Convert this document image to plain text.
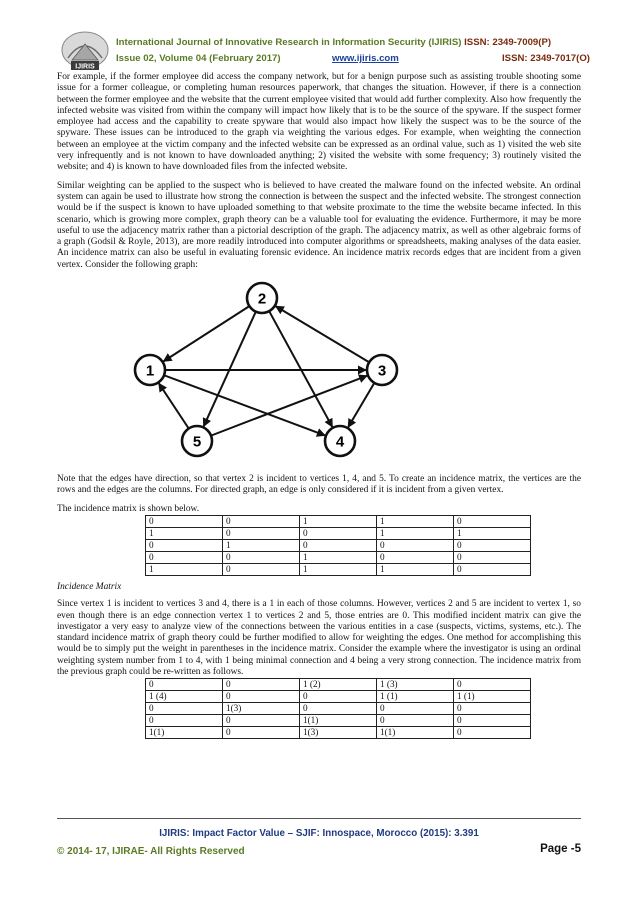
IJIRIS
International Journal of Innovative Research in Information Security (IJIRIS) ISSN: 2349-7009(P)
Issue 02, Volume 04 (February 2017)	www.ijiris.com	ISSN: 2349-7017(O)

For example, if the former employee did access the company network, but for a benign purpose such as assisting trouble shooting some issue for a former colleague, or completing human resources paperwork, that changes the situation. However, if there is a connection between the former employee and the website that the current employee visited that would add further complexity. Also how frequently the infected website was visited from within the company will impact how likely that is to be the source of the spyware. If the suspect former employee had access and the capability to create spyware that would also impact how likely the suspect was to be the source of the spyware. These issues can be introduced to the graph via weighting the various edges. For example, when weighting the connection between an employee at the victim company and the infected website can be expressed as an ordinal value, such as 1) visited the web site very infrequently and is not known to have downloaded anything; 2) visited the website with some frequency; 3) routinely visited the website; and 4) is known to have downloaded files from the infected website.

Similar weighting can be applied to the suspect who is believed to have created the malware found on the infected website. An ordinal system can again be used to illustrate how strong the connection is between the suspect and the infected website. The strongest connection would be if the suspect is known to have uploaded something to that website proximate to the time the website became infected. In this scenario, which is growing more complex, graph theory can be a valuable tool for evaluating the evidence. Furthermore, it may be more useful to use the adjacency matrix rather than a pictorial description of the graph. The adjacency matrix, as well as other algebraic forms of a graph (Godsil & Royle, 2013), are more readily introduced into computer algorithms or spreadsheets, making analyses of the data easier. An incidence matrix can also be useful in evaluating forensic evidence. An incidence matrix records edges that are incident from a given vertex. Consider the following graph:

1
2
3
4
5

Note that the edges have direction, so that vertex 2 is incident to vertices 1, 4, and 5. To create an incidence matrix, the vertices are the rows and the edges are the columns. For directed graph, an edge is only considered if it is incident from a given vertex.

The incidence matrix is shown below.

0	0	1	1	0
1	0	0	1	1
0	1	0	0	0
0	0	1	0	0
1	0	1	1	0

Incidence Matrix

Since vertex 1 is incident to vertices 3 and 4, there is a 1 in each of those columns. However, vertices 2 and 5 are incident to vertex 1, so even though there is an edge connection vertex 1 to vertices 2 and 5, those entries are 0. This modified incident matrix can give the investigator a very easy to analyze view of the connections between the various entities in a case (suspects, victims, systems, etc.). The standard incidence matrix of graph theory could be further modified to allow for weighting the edges. One method for accomplishing this would be to simply put the weight in parentheses in the incidence matrix. Consider the example where the investigator is using an ordinal weighting system number from 1 to 4, with 1 being minimal connection and 4 being a very strong connection. The incidence matrix from the previous graph could be re-written as follows.

0	0	1 (2)	1 (3)	0
1 (4)	0	0	1 (1)	1 (1)
0	1(3)	0	0	0
0	0	1(1)	0	0
1(1)	0	1(3)	1(1)	0
IJIRIS: Impact Factor Value – SJIF: Innospace, Morocco (2015): 3.391
© 2014- 17, IJIRAE- All Rights Reserved	Page -5
